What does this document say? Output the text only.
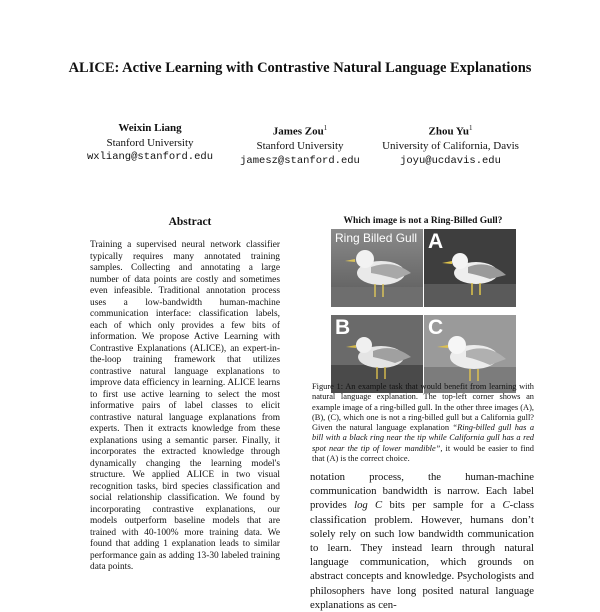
ALICE: Active Learning with Contrastive Natural Language Explanations
Weixin Liang
Stanford University
wxliang@stanford.edu
James Zou$^1$
Stanford University
jamesz@stanford.edu
Zhou Yu$^1$
University of California, Davis
joyu@ucdavis.edu
Abstract
Training a supervised neural network classifier typically requires many annotated training samples. Collecting and annotating a large number of data points are costly and sometimes even infeasible. Traditional annotation process uses a low-bandwidth human-machine communication interface: classification labels, each of which only provides a few bits of information. We propose Active Learning with Contrastive Explanations (ALICE), an expert-in-the-loop training framework that utilizes contrastive natural language explanations to improve data efficiency in learning. ALICE learns to first use active learning to select the most informative pairs of label classes to elicit contrastive natural language explanations from experts. Then it extracts knowledge from these explanations using a semantic parser. Finally, it incorporates the extracted knowledge through dynamically changing the learning model's structure. We applied ALICE in two visual recognition tasks, bird species classification and social relationship classification. We found by incorporating contrastive explanations, our models outperform baseline models that are trained with 40-100% more training data. We found that adding 1 explanation leads to similar performance gain as adding 13-30 labeled training data points.
Which image is not a Ring-Billed Gull?
Ring Billed Gull A
B	C
Figure 1: An example task that would benefit from learning with natural language explanation. The top-left corner shows an example image of a ring-billed gull. In the other three images (A), (B), (C), which one is not a ring-billed gull but a California gull? Given the natural language explanation “Ring-billed gull has a bill with a black ring near the tip while California gull has a red spot near the tip of lower mandible”, it would be easier to find that (A) is the correct choice.
notation process, the human-machine communication bandwidth is narrow. Each label provides log C bits per sample for a C-class classification problem. However, humans don’t solely rely on such low bandwidth communication to learn. They instead learn through natural language communication, which grounds on abstract concepts and knowledge. Psychologists and philosophers have long posited natural language explanations as cen-
